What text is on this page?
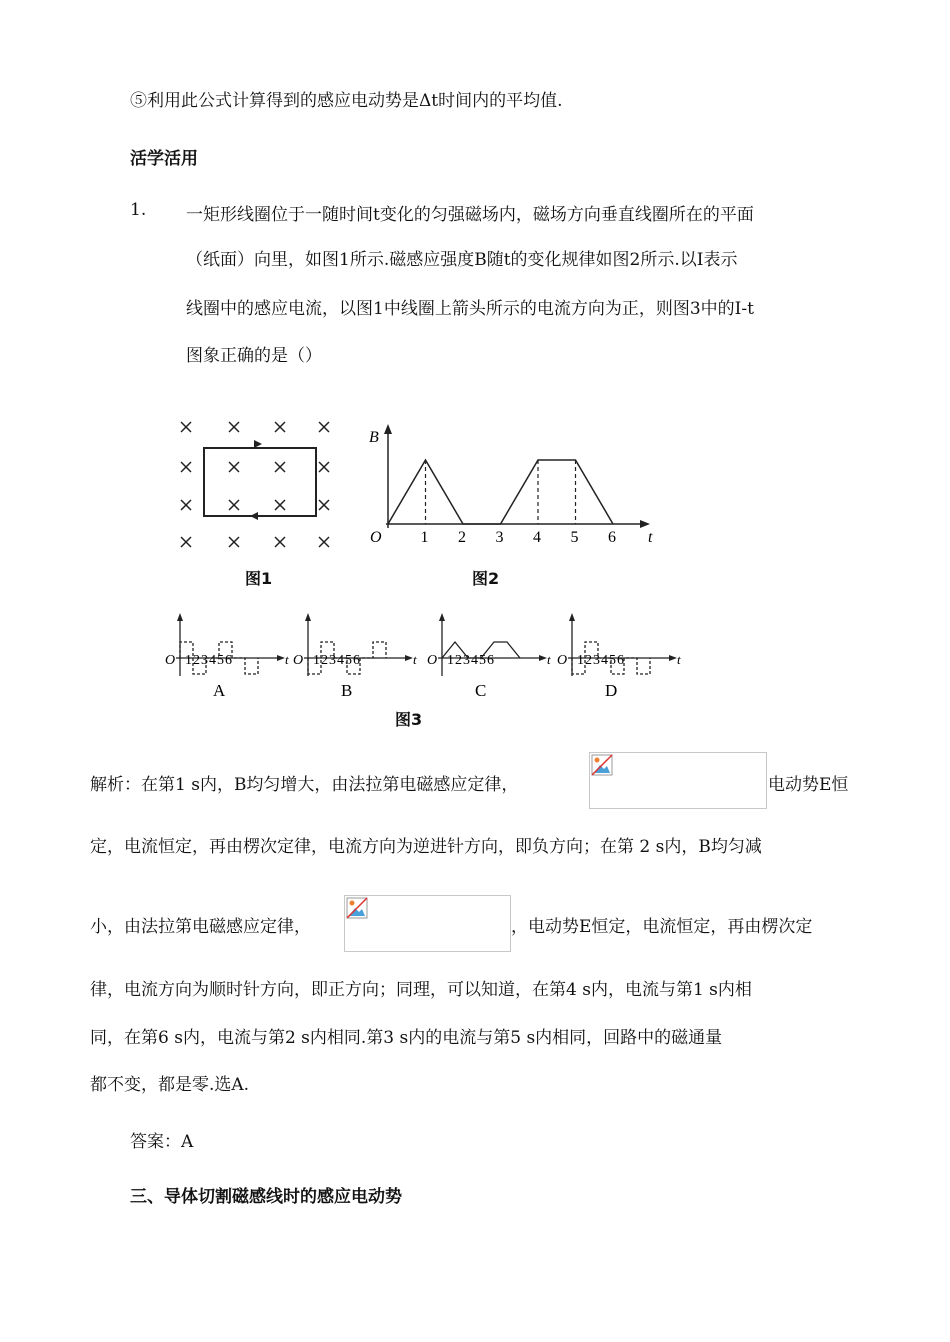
⑤利用此公式计算得到的感应电动势是Δt时间内的平均值.
活学活用
1. 一矩形线圈位于一随时间t变化的匀强磁场内，磁场方向垂直线圈所在的平面
（纸面）向里，如图1所示.磁感应强度B随t的变化规律如图2所示.以I表示
线圈中的感应电流，以图1中线圈上箭头所示的电流方向为正，则图3中的I-t
图象正确的是（）
图1
B
t
O 1 2 3 4 5 6
图2
O	t
123456
A
O	t
123456
B
O	t
123456
C
O	t
123456
D
图3
解析：在第1 s内，B均匀增大，由法拉第电磁感应定律，	电动势E恒
定，电流恒定，再由楞次定律，电流方向为逆进针方向，即负方向；在第 2 s内，B均匀减
小，由法拉第电磁感应定律，	，电动势E恒定，电流恒定，再由楞次定
律，电流方向为顺时针方向，即正方向；同理，可以知道，在第4 s内，电流与第1 s内相
同，在第6 s内，电流与第2 s内相同.第3 s内的电流与第5 s内相同，回路中的磁通量
都不变，都是零.选A.
答案：A
三、导体切割磁感线时的感应电动势
